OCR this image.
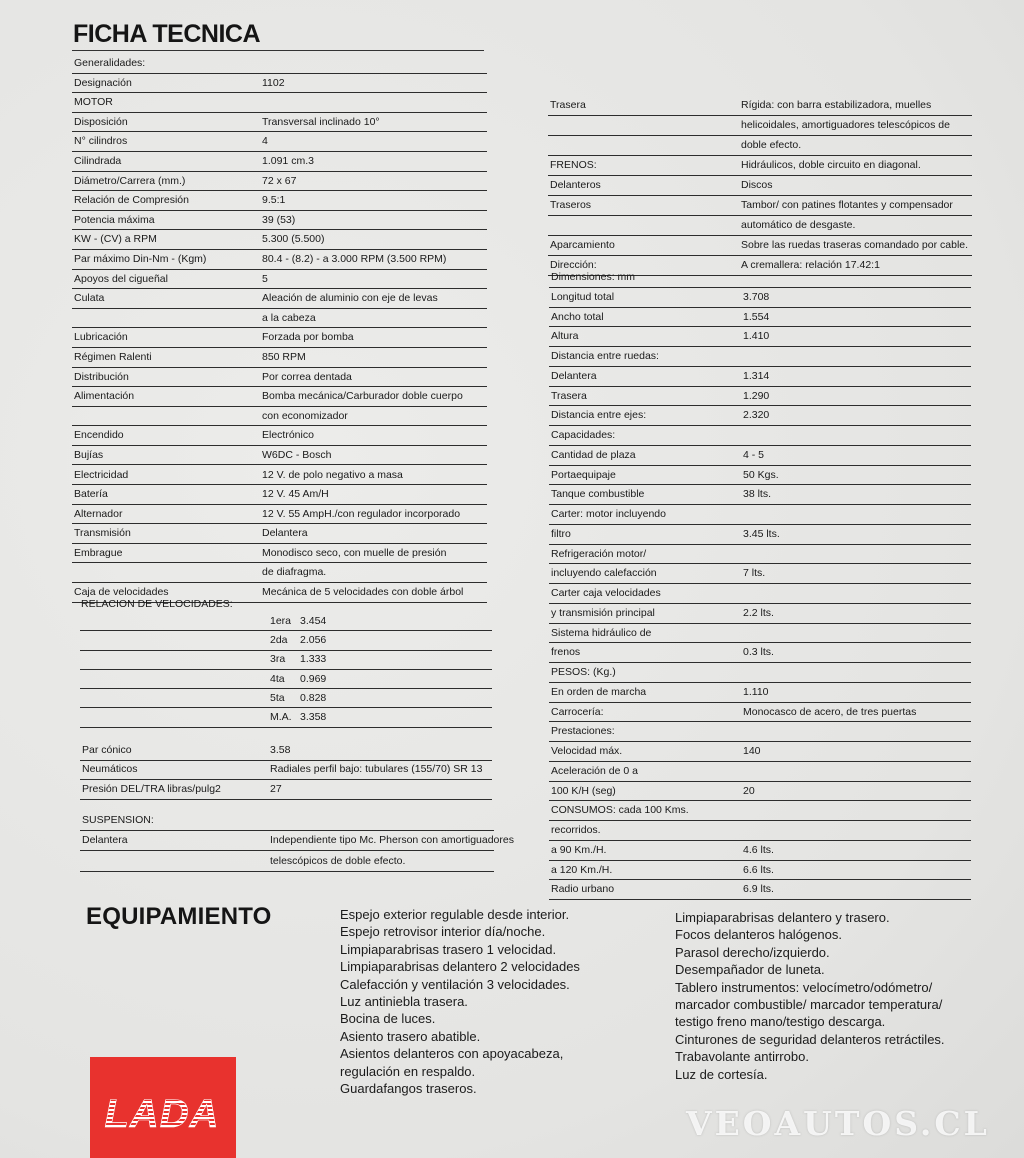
FICHA TECNICA
Generalidades:
Designación	1102
MOTOR
Disposición	Transversal inclinado 10°
N° cilindros	4
Cilindrada	1.091 cm.3
Diámetro/Carrera (mm.)	72 x 67
Relación de Compresión	9.5:1
Potencia máxima	39 (53)
KW - (CV) a RPM	5.300 (5.500)
Par máximo Din-Nm - (Kgm)	80.4 - (8.2) - a 3.000 RPM (3.500 RPM)
Apoyos del cigueñal	5
Culata	Aleación de aluminio con eje de levas
a la cabeza
Lubricación	Forzada por bomba
Régimen Ralenti	850 RPM
Distribución	Por correa dentada
Alimentación	Bomba mecánica/Carburador doble cuerpo
con economizador
Encendido	Electrónico
Bujías	W6DC - Bosch
Electricidad	12 V. de polo negativo a masa
Batería	12 V. 45 Am/H
Alternador	12 V. 55 AmpH./con regulador incorporado
Transmisión	Delantera
Embrague	Monodisco seco, con muelle de presión
de diafragma.
Caja de velocidades	Mecánica de 5 velocidades con doble árbol
RELACION DE VELOCIDADES:
1era 3.454
2da 2.056
3ra 1.333
4ta 0.969
5ta 0.828
M.A. 3.358
Par cónico	3.58
Neumáticos	Radiales perfil bajo: tubulares (155/70) SR 13
Presión DEL/TRA libras/pulg2	27
SUSPENSION:
Delantera	Independiente tipo Mc. Pherson con amortiguadores
telescópicos de doble efecto.
Trasera	Rígida: con barra estabilizadora, muelles
helicoidales, amortiguadores telescópicos de
doble efecto.
FRENOS:	Hidráulicos, doble circuito en diagonal.
Delanteros	Discos
Traseros	Tambor/ con patines flotantes y compensador
automático de desgaste.
Aparcamiento	Sobre las ruedas traseras comandado por cable.
Dirección:	A cremallera: relación 17.42:1
Dimensiones: mm
Longitud total	3.708
Ancho total	1.554
Altura	1.410
Distancia entre ruedas:
Delantera	1.314
Trasera	1.290
Distancia entre ejes:	2.320
Capacidades:
Cantidad de plaza	4 - 5
Portaequipaje	50 Kgs.
Tanque combustible	38 lts.
Carter: motor incluyendo
filtro	3.45 lts.
Refrigeración motor/
incluyendo calefacción	7 lts.
Carter caja velocidades
y transmisión principal	2.2 lts.
Sistema hidráulico de
frenos	0.3 lts.
PESOS: (Kg.)
En orden de marcha	1.110
Carrocería:	Monocasco de acero, de tres puertas
Prestaciones:
Velocidad máx.	140
Aceleración de 0 a
100 K/H (seg)	20
CONSUMOS: cada 100 Kms.
recorridos.
a 90 Km./H.	4.6 lts.
a 120 Km./H.	6.6 lts.
Radio urbano	6.9 lts.
EQUIPAMIENTO	Espejo exterior regulable desde interior.
Espejo retrovisor interior día/noche.
Limpiaparabrisas trasero 1 velocidad.
Limpiaparabrisas delantero 2 velocidades
Calefacción y ventilación 3 velocidades.
Luz antiniebla trasera.
Bocina de luces.
Asiento trasero abatible.
Asientos delanteros con apoyacabeza,
regulación en respaldo.
Guardafangos traseros.
Limpiaparabrisas delantero y trasero.
Focos delanteros halógenos.
Parasol derecho/izquierdo.
Desempañador de luneta.
Tablero instrumentos: velocímetro/odómetro/
marcador combustible/ marcador temperatura/
testigo freno mano/testigo descarga.
Cinturones de seguridad delanteros retráctiles.
Trabavolante antirrobo.
Luz de cortesía.
LADA	VEOAUTOS.CL
